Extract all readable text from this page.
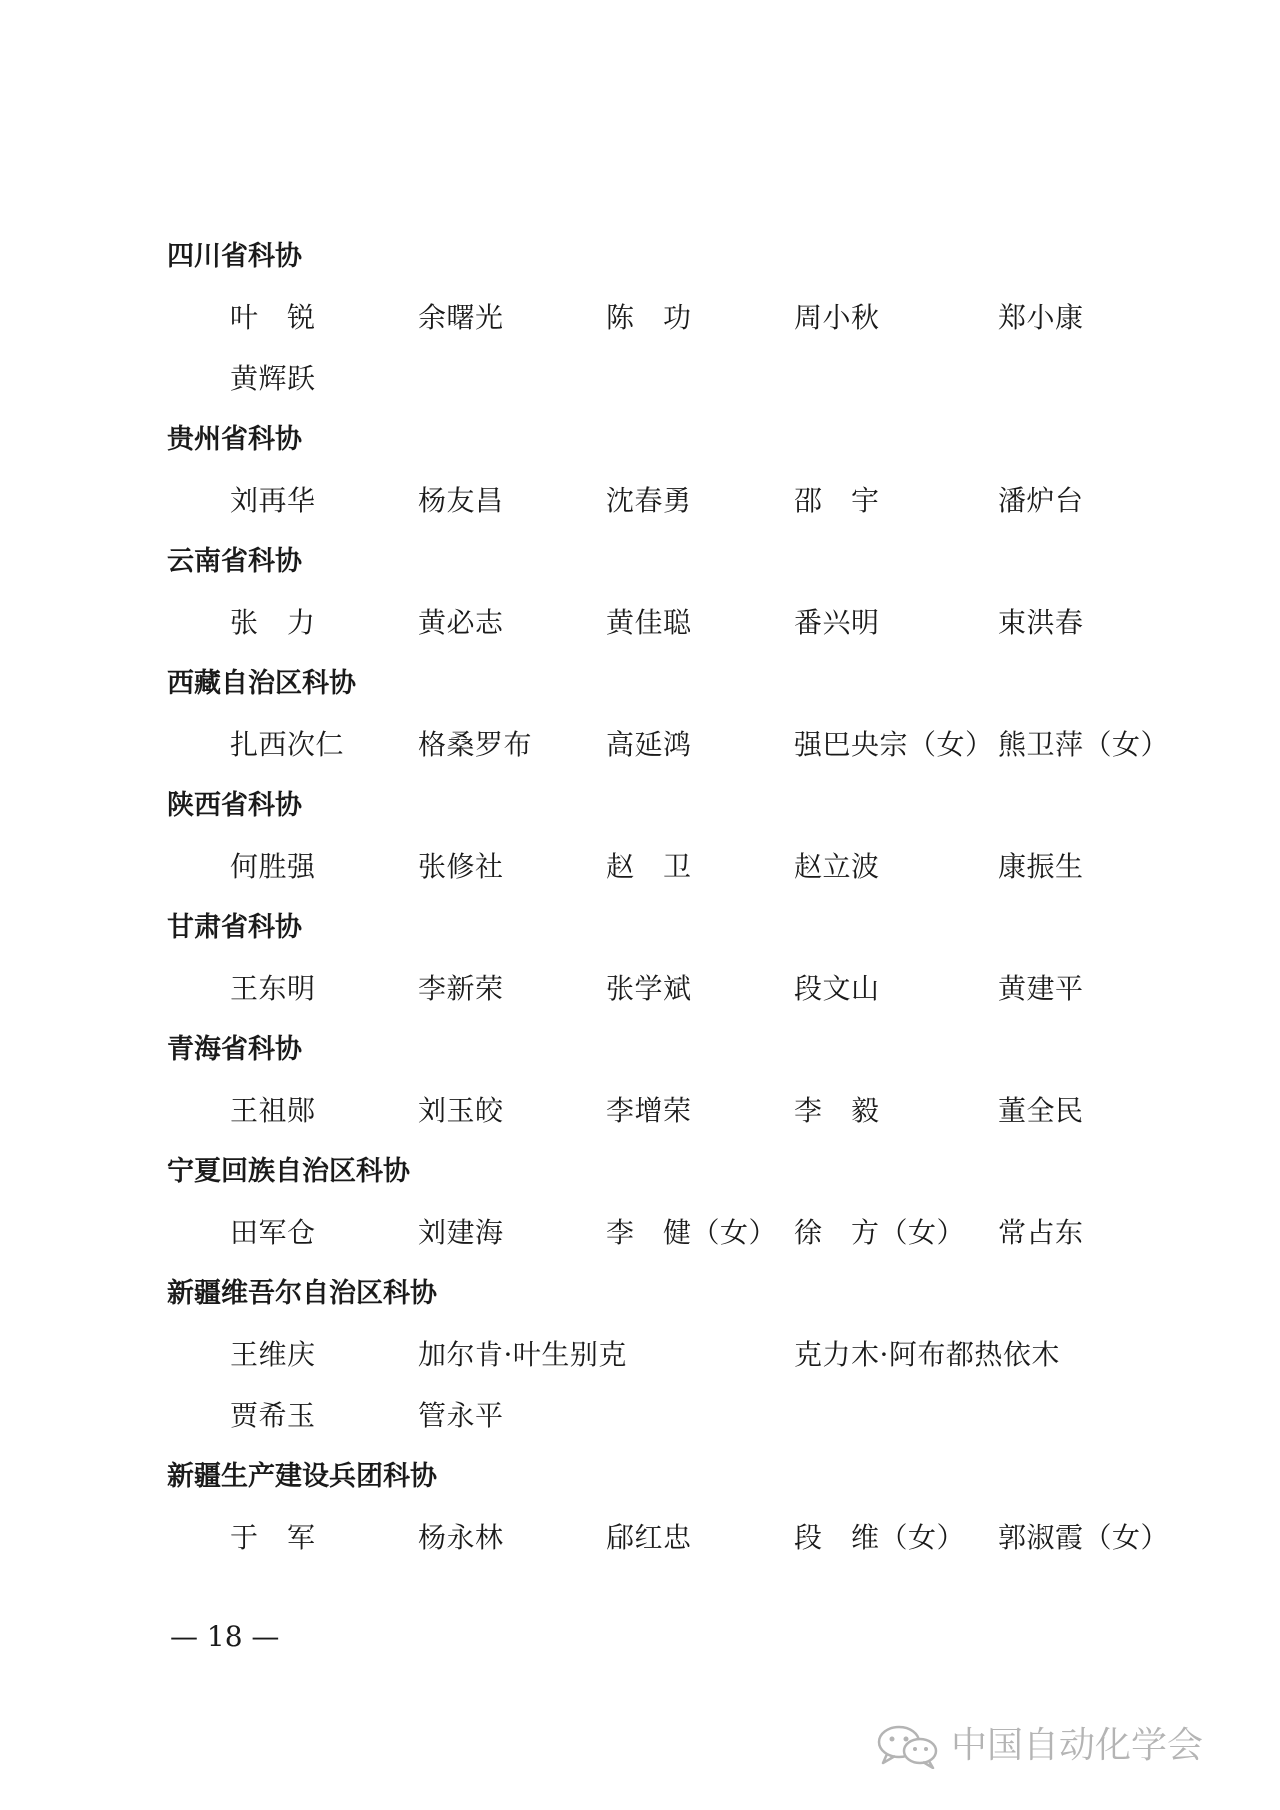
四川省科协
叶　锐	余曙光	陈　功	周小秋	郑小康
黄辉跃
贵州省科协
刘再华	杨友昌	沈春勇	邵　宇	潘炉台
云南省科协
张　力	黄必志	黄佳聪	番兴明	束洪春
西藏自治区科协
扎西次仁	格桑罗布	高延鸿	强巴央宗（女） 熊卫萍（女）
陕西省科协
何胜强	张修社	赵　卫	赵立波	康振生
甘肃省科协
王东明	李新荣	张学斌	段文山	黄建平
青海省科协
王祖郧	刘玉皎	李增荣	李　毅	董全民
宁夏回族自治区科协
田军仓	刘建海	李　健（女） 徐　方（女） 常占东
新疆维吾尔自治区科协
王维庆	加尔肯·叶生别克	克力木·阿布都热依木
贾希玉	管永平
新疆生产建设兵团科协
于　军	杨永林	郈红忠	段　维（女） 郭淑霞（女）
— 18 —
中国自动化学会
